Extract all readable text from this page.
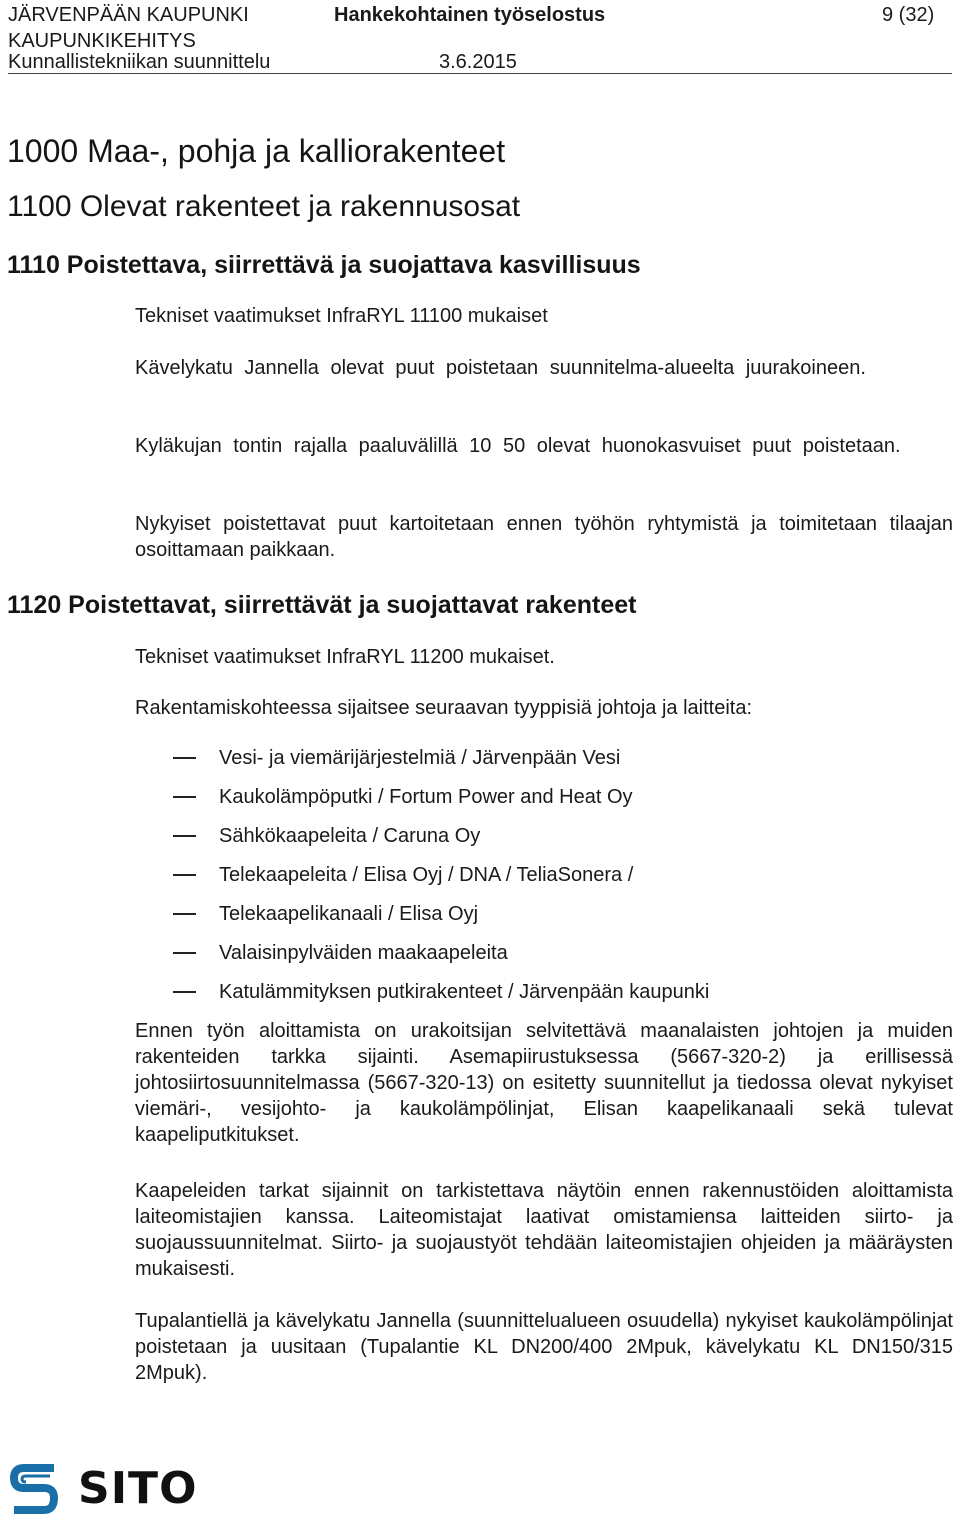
JÄRVENPÄÄN KAUPUNKI
KAUPUNKIKEHITYS
Kunnallistekniikan suunnittelu
Hankekohtainen työselostus
3.6.2015
9 (32)
1000 Maa-, pohja ja kalliorakenteet
1100 Olevat rakenteet ja rakennusosat
1110 Poistettava, siirrettävä ja suojattava kasvillisuus

Tekniset vaatimukset InfraRYL 11100 mukaiset

Kävelykatu Jannella olevat puut poistetaan suunnitelma-alueelta juurakoineen.

Kyläkujan tontin rajalla paaluvälillä 10 50 olevat huonokasvuiset puut poistetaan.

Nykyiset poistettavat puut kartoitetaan ennen työhön ryhtymistä ja toimitetaan tilaajan osoittamaan paikkaan.

1120 Poistettavat, siirrettävät ja suojattavat rakenteet

Tekniset vaatimukset InfraRYL 11200 mukaiset.

Rakentamiskohteessa sijaitsee seuraavan tyyppisiä johtoja ja laitteita:

Vesi- ja viemärijärjestelmiä / Järvenpään Vesi
Kaukolämpöputki / Fortum Power and Heat Oy
Sähkökaapeleita / Caruna Oy
Telekaapeleita / Elisa Oyj / DNA / TeliaSonera /
Telekaapelikanaali / Elisa Oyj
Valaisinpylväiden maakaapeleita
Katulämmityksen putkirakenteet / Järvenpään kaupunki

Ennen työn aloittamista on urakoitsijan selvitettävä maanalaisten johtojen ja muiden rakenteiden tarkka sijainti. Asemapiirustuksessa (5667-320-2) ja erillisessä johtosiirtosuunnitelmassa (5667-320-13) on esitetty suunnitellut ja tiedossa olevat nykyiset viemäri-, vesijohto- ja kaukolämpölinjat, Elisan kaapelikanaali sekä tulevat kaapeliputkitukset.

Kaapeleiden tarkat sijainnit on tarkistettava näytöin ennen rakennustöiden aloittamista laiteomistajien kanssa. Laiteomistajat laativat omistamiensa laitteiden siirto- ja suojaussuunnitelmat. Siirto- ja suojaustyöt tehdään laiteomistajien ohjeiden ja määräysten mukaisesti.

Tupalantiellä ja kävelykatu Jannella (suunnittelualueen osuudella) nykyiset kaukolämpölinjat poistetaan ja uusitaan (Tupalantie KL DN200/400 2Mpuk, kävelykatu KL DN150/315 2Mpuk).

SITO
